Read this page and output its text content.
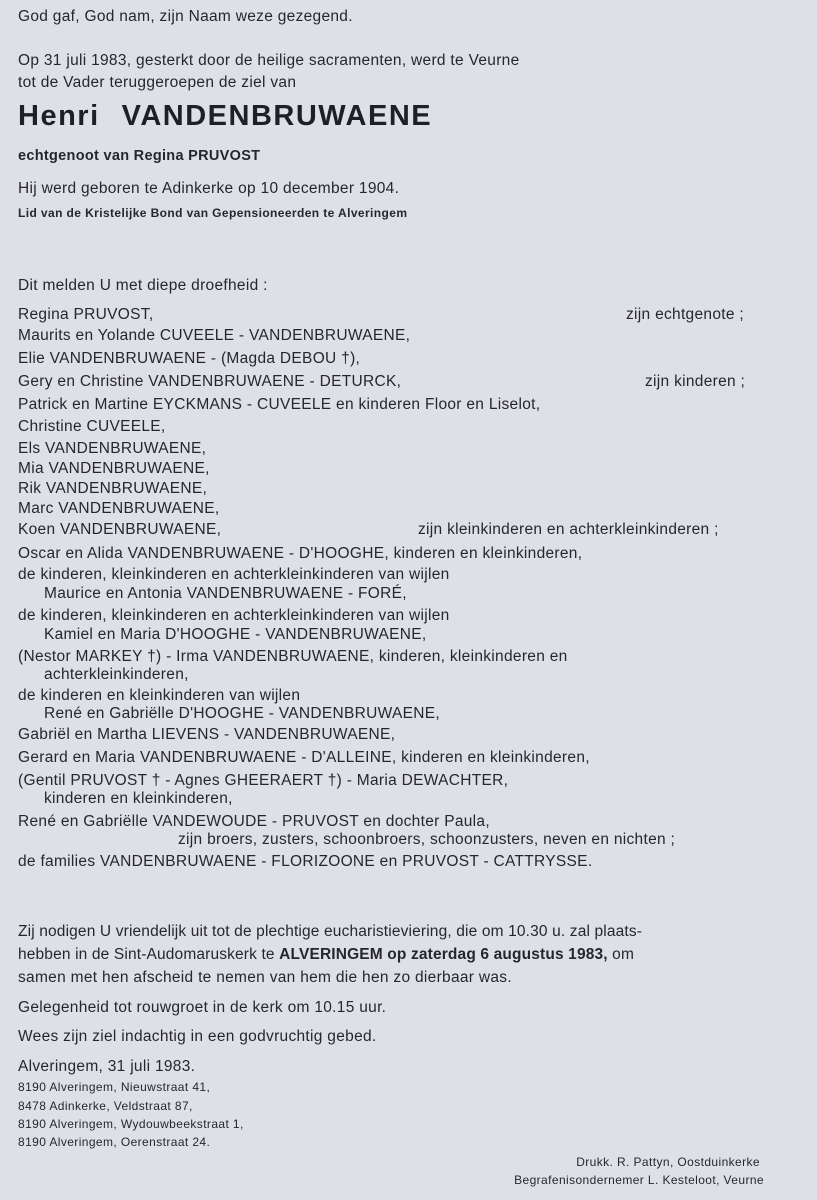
God gaf, God nam, zijn Naam weze gezegend.
Op 31 juli 1983, gesterkt door de heilige sacramenten, werd te Veurne
tot de Vader teruggeroepen de ziel van
Henri VANDENBRUWAENE
echtgenoot van Regina PRUVOST
Hij werd geboren te Adinkerke op 10 december 1904.
Lid van de Kristelijke Bond van Gepensioneerden te Alveringem
Dit melden U met diepe droefheid :
Regina PRUVOST,	zijn echtgenote ;
Maurits en Yolande CUVEELE - VANDENBRUWAENE,
Elie VANDENBRUWAENE - (Magda DEBOU †),
Gery en Christine VANDENBRUWAENE - DETURCK,	zijn kinderen ;
Patrick en Martine EYCKMANS - CUVEELE en kinderen Floor en Liselot,
Christine CUVEELE,
Els VANDENBRUWAENE,
Mia VANDENBRUWAENE,
Rik VANDENBRUWAENE,
Marc VANDENBRUWAENE,
Koen VANDENBRUWAENE,	zijn kleinkinderen en achterkleinkinderen ;
Oscar en Alida VANDENBRUWAENE - D'HOOGHE, kinderen en kleinkinderen,
de kinderen, kleinkinderen en achterkleinkinderen van wijlen
Maurice en Antonia VANDENBRUWAENE - FORÉ,
de kinderen, kleinkinderen en achterkleinkinderen van wijlen
Kamiel en Maria D'HOOGHE - VANDENBRUWAENE,
(Nestor MARKEY †) - Irma VANDENBRUWAENE, kinderen, kleinkinderen en
achterkleinkinderen,
de kinderen en kleinkinderen van wijlen
René en Gabriëlle D'HOOGHE - VANDENBRUWAENE,
Gabriël en Martha LIEVENS - VANDENBRUWAENE,
Gerard en Maria VANDENBRUWAENE - D'ALLEINE, kinderen en kleinkinderen,
(Gentil PRUVOST † - Agnes GHEERAERT †) - Maria DEWACHTER,
kinderen en kleinkinderen,
René en Gabriëlle VANDEWOUDE - PRUVOST en dochter Paula,
zijn broers, zusters, schoonbroers, schoonzusters, neven en nichten ;
de families VANDENBRUWAENE - FLORIZOONE en PRUVOST - CATTRYSSE.
Zij nodigen U vriendelijk uit tot de plechtige eucharistieviering, die om 10.30 u. zal plaats-
hebben in de Sint-Audomaruskerk te ALVERINGEM op zaterdag 6 augustus 1983, om
samen met hen afscheid te nemen van hem die hen zo dierbaar was.
Gelegenheid tot rouwgroet in de kerk om 10.15 uur.
Wees zijn ziel indachtig in een godvruchtig gebed.
Alveringem, 31 juli 1983.
8190 Alveringem, Nieuwstraat 41,
8478 Adinkerke, Veldstraat 87,
8190 Alveringem, Wydouwbeekstraat 1,
8190 Alveringem, Oerenstraat 24.
Drukk. R. Pattyn, Oostduinkerke
Begrafenisondernemer L. Kesteloot, Veurne
